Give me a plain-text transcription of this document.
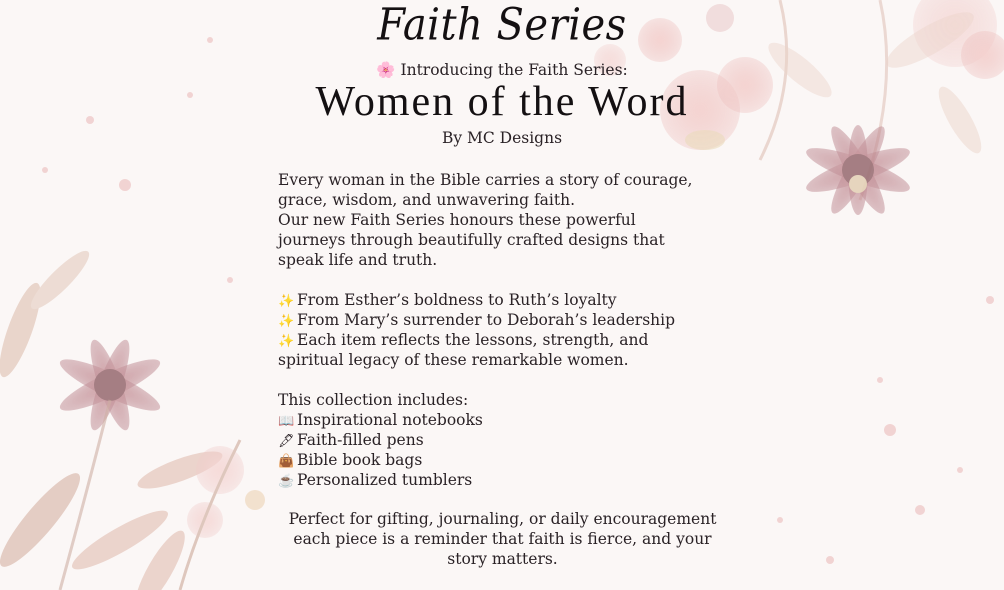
Faith Series
🌸 Introducing the Faith Series:
Women of the Word
By MC Designs
Every woman in the Bible carries a story of courage,
grace, wisdom, and unwavering faith.
Our new Faith Series honours these powerful
journeys through beautifully crafted designs that
speak life and truth.
✨ From Esther’s boldness to Ruth’s loyalty
✨ From Mary’s surrender to Deborah’s leadership
✨ Each item reflects the lessons, strength, and
spiritual legacy of these remarkable women.
This collection includes:
📖 Inspirational notebooks
🖋 Faith-filled pens
👜 Bible book bags
☕ Personalized tumblers
Perfect for gifting, journaling, or daily encouragement
each piece is a reminder that faith is fierce, and your
story matters.
